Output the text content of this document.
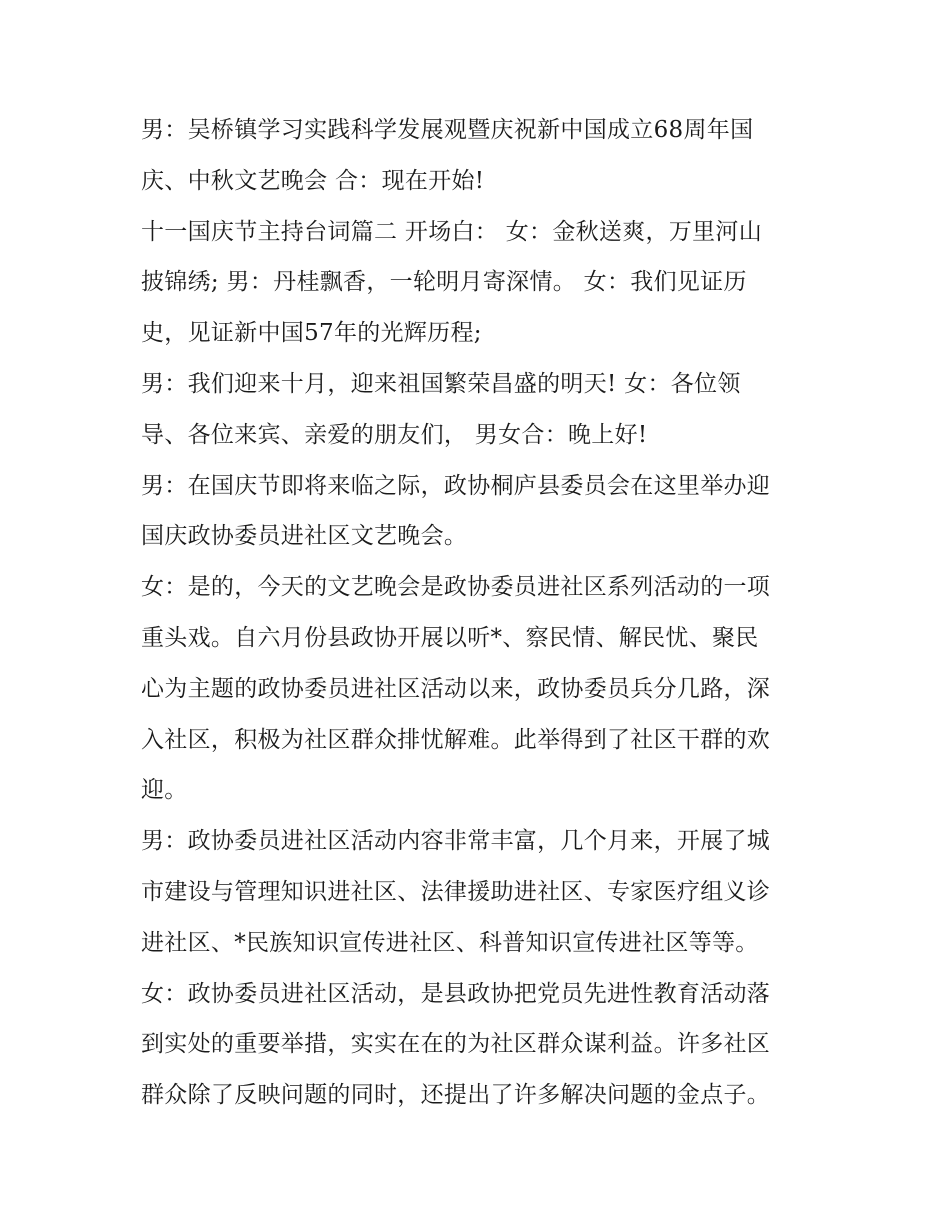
男：吴桥镇学习实践科学发展观暨庆祝新中国成立68周年国
庆、中秋文艺晚会 合：现在开始!
十一国庆节主持台词篇二 开场白： 女：金秋送爽，万里河山
披锦绣; 男：丹桂飘香，一轮明月寄深情。 女：我们见证历
史，见证新中国57年的光辉历程;
男：我们迎来十月，迎来祖国繁荣昌盛的明天! 女：各位领
导、各位来宾、亲爱的朋友们， 男女合：晚上好!
男：在国庆节即将来临之际，政协桐庐县委员会在这里举办迎
国庆政协委员进社区文艺晚会。
女：是的，今天的文艺晚会是政协委员进社区系列活动的一项
重头戏。自六月份县政协开展以听*、察民情、解民忧、聚民
心为主题的政协委员进社区活动以来，政协委员兵分几路，深
入社区，积极为社区群众排忧解难。此举得到了社区干群的欢
迎。
男：政协委员进社区活动内容非常丰富，几个月来，开展了城
市建设与管理知识进社区、法律援助进社区、专家医疗组义诊
进社区、*民族知识宣传进社区、科普知识宣传进社区等等。
女：政协委员进社区活动，是县政协把党员先进性教育活动落
到实处的重要举措，实实在在的为社区群众谋利益。许多社区
群众除了反映问题的同时，还提出了许多解决问题的金点子。
